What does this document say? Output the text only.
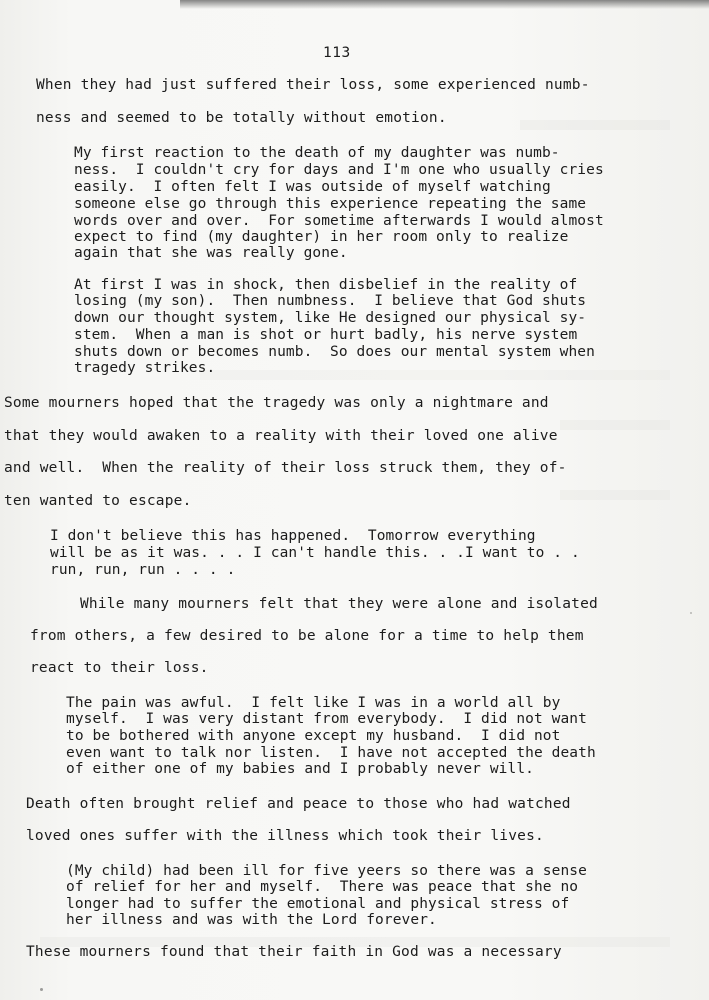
113
When they had just suffered their loss, some experienced numb-
ness and seemed to be totally without emotion.
My first reaction to the death of my daughter was numb-
ness.  I couldn't cry for days and I'm one who usually cries
easily.  I often felt I was outside of myself watching
someone else go through this experience repeating the same
words over and over.  For sometime afterwards I would almost
expect to find (my daughter) in her room only to realize
again that she was really gone.
At first I was in shock, then disbelief in the reality of
losing (my son).  Then numbness.  I believe that God shuts
down our thought system, like He designed our physical sy-
stem.  When a man is shot or hurt badly, his nerve system
shuts down or becomes numb.  So does our mental system when
tragedy strikes.
Some mourners hoped that the tragedy was only a nightmare and
that they would awaken to a reality with their loved one alive
and well.  When the reality of their loss struck them, they of-
ten wanted to escape.
I don't believe this has happened.  Tomorrow everything
will be as it was. . . I can't handle this. . .I want to . .
run, run, run . . . .
While many mourners felt that they were alone and isolated
from others, a few desired to be alone for a time to help them
react to their loss.
The pain was awful.  I felt like I was in a world all by
myself.  I was very distant from everybody.  I did not want
to be bothered with anyone except my husband.  I did not
even want to talk nor listen.  I have not accepted the death
of either one of my babies and I probably never will.
Death often brought relief and peace to those who had watched
loved ones suffer with the illness which took their lives.
(My child) had been ill for five yeers so there was a sense
of relief for her and myself.  There was peace that she no
longer had to suffer the emotional and physical stress of
her illness and was with the Lord forever.
These mourners found that their faith in God was a necessary
